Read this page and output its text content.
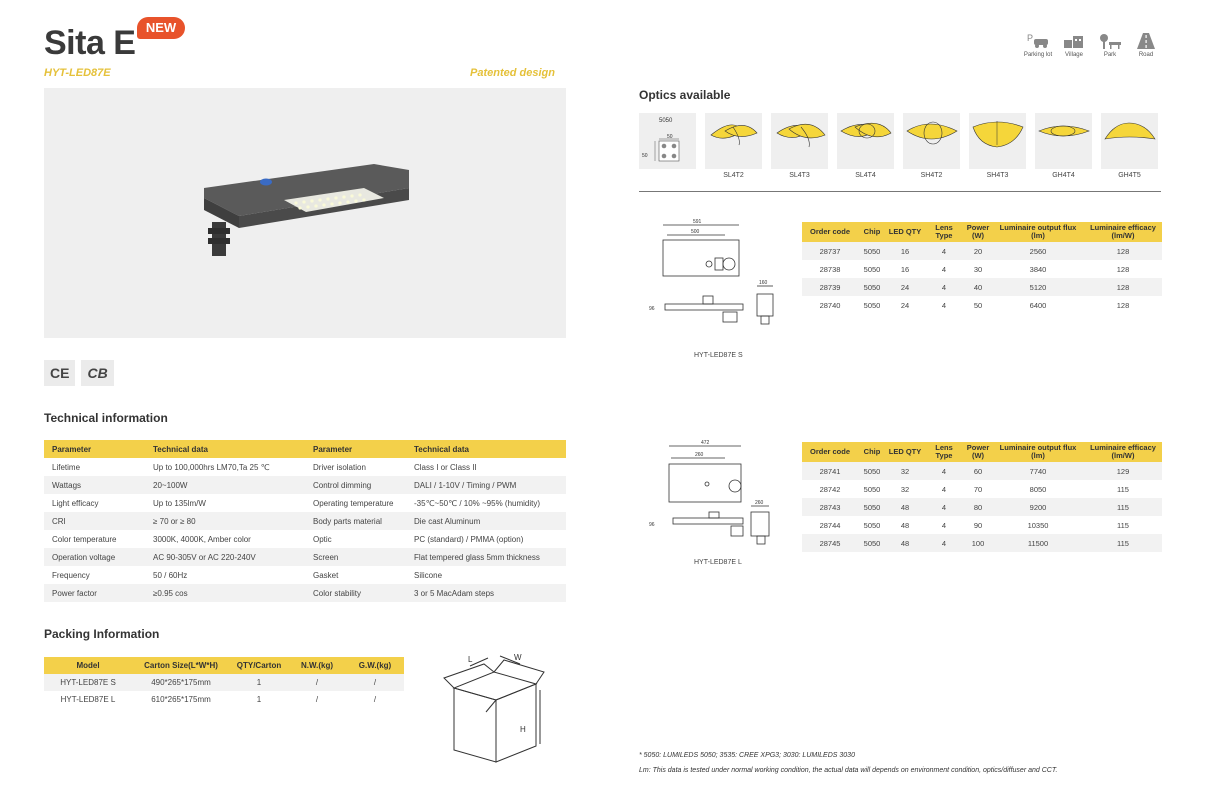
Sita E NEW
HYT-LED87E	Patented design
CE	CB
Technical information
Parameter	Technical data	Parameter	Technical data
Lifetime	Up to 100,000hrs LM70,Ta 25 ℃	Driver isolation	Class I or Class II
Wattags	20~100W	Control dimming	DALI / 1-10V / Timing / PWM
Light efficacy	Up to 135lm/W	Operating temperature	-35℃~50℃ / 10% ~95% (humidity)
CRI	≥ 70 or ≥ 80	Body parts material	Die cast Aluminum
Color temperature	3000K, 4000K, Amber color	Optic	PC (standard) / PMMA (option)
Operation voltage	AC 90-305V or AC 220-240V	Screen	Flat tempered glass 5mm thickness
Frequency	50 / 60Hz	Gasket	Silicone
Power factor	≥0.95 cos	Color stability	3 or 5 MacAdam steps
Packing Information
Model	Carton Size(L*W*H)	QTY/Carton	N.W.(kg)	G.W.(kg)
HYT-LED87E S	490*265*175mm	1	/	/
HYT-LED87E L	610*265*175mm	1	/	/
L	W
H
P
Parking lot	Village	Park	Road
Optics available
5050
50
50
SL4T2	SL4T3	SL4T4	SH4T2	SH4T3	GH4T4	GH4T5
591
500
160
96
HYT-LED87E S
Order code	Chip	LED QTY	Lens Type	Power (W)	Luminaire output flux (lm)	Luminaire efficacy (lm/W)
28737	5050	16	4	20	2560	128
28738	5050	16	4	30	3840	128
28739	5050	24	4	40	5120	128
28740	5050	24	4	50	6400	128
472
260
260
96
HYT-LED87E L
Order code	Chip	LED QTY	Lens Type	Power (W)	Luminaire output flux (lm)	Luminaire efficacy (lm/W)
28741	5050	32	4	60	7740	129
28742	5050	32	4	70	8050	115
28743	5050	48	4	80	9200	115
28744	5050	48	4	90	10350	115
28745	5050	48	4	100	11500	115
* 5050: LUMILEDS 5050; 3535: CREE XPG3; 3030: LUMILEDS 3030
Lm: This data is tested under normal working condition, the actual data will depends on environment condition, optics/diffuser and CCT.
